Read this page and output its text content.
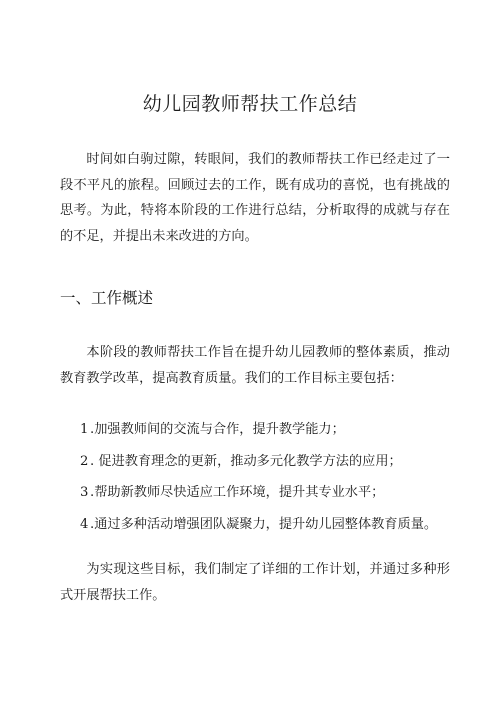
幼儿园教师帮扶工作总结
时间如白驹过隙，转眼间，我们的教师帮扶工作已经走过了一段不平凡的旅程。回顾过去的工作，既有成功的喜悦，也有挑战的思考。为此，特将本阶段的工作进行总结，分析取得的成就与存在的不足，并提出未来改进的方向。
一、工作概述
本阶段的教师帮扶工作旨在提升幼儿园教师的整体素质，推动教育教学改革，提高教育质量。我们的工作目标主要包括：
1 .加强教师间的交流与合作，提升教学能力；
2 . 促进教育理念的更新，推动多元化教学方法的应用；
3 .帮助新教师尽快适应工作环境，提升其专业水平；
4 .通过多种活动增强团队凝聚力，提升幼儿园整体教育质量。
为实现这些目标，我们制定了详细的工作计划，并通过多种形式开展帮扶工作。
